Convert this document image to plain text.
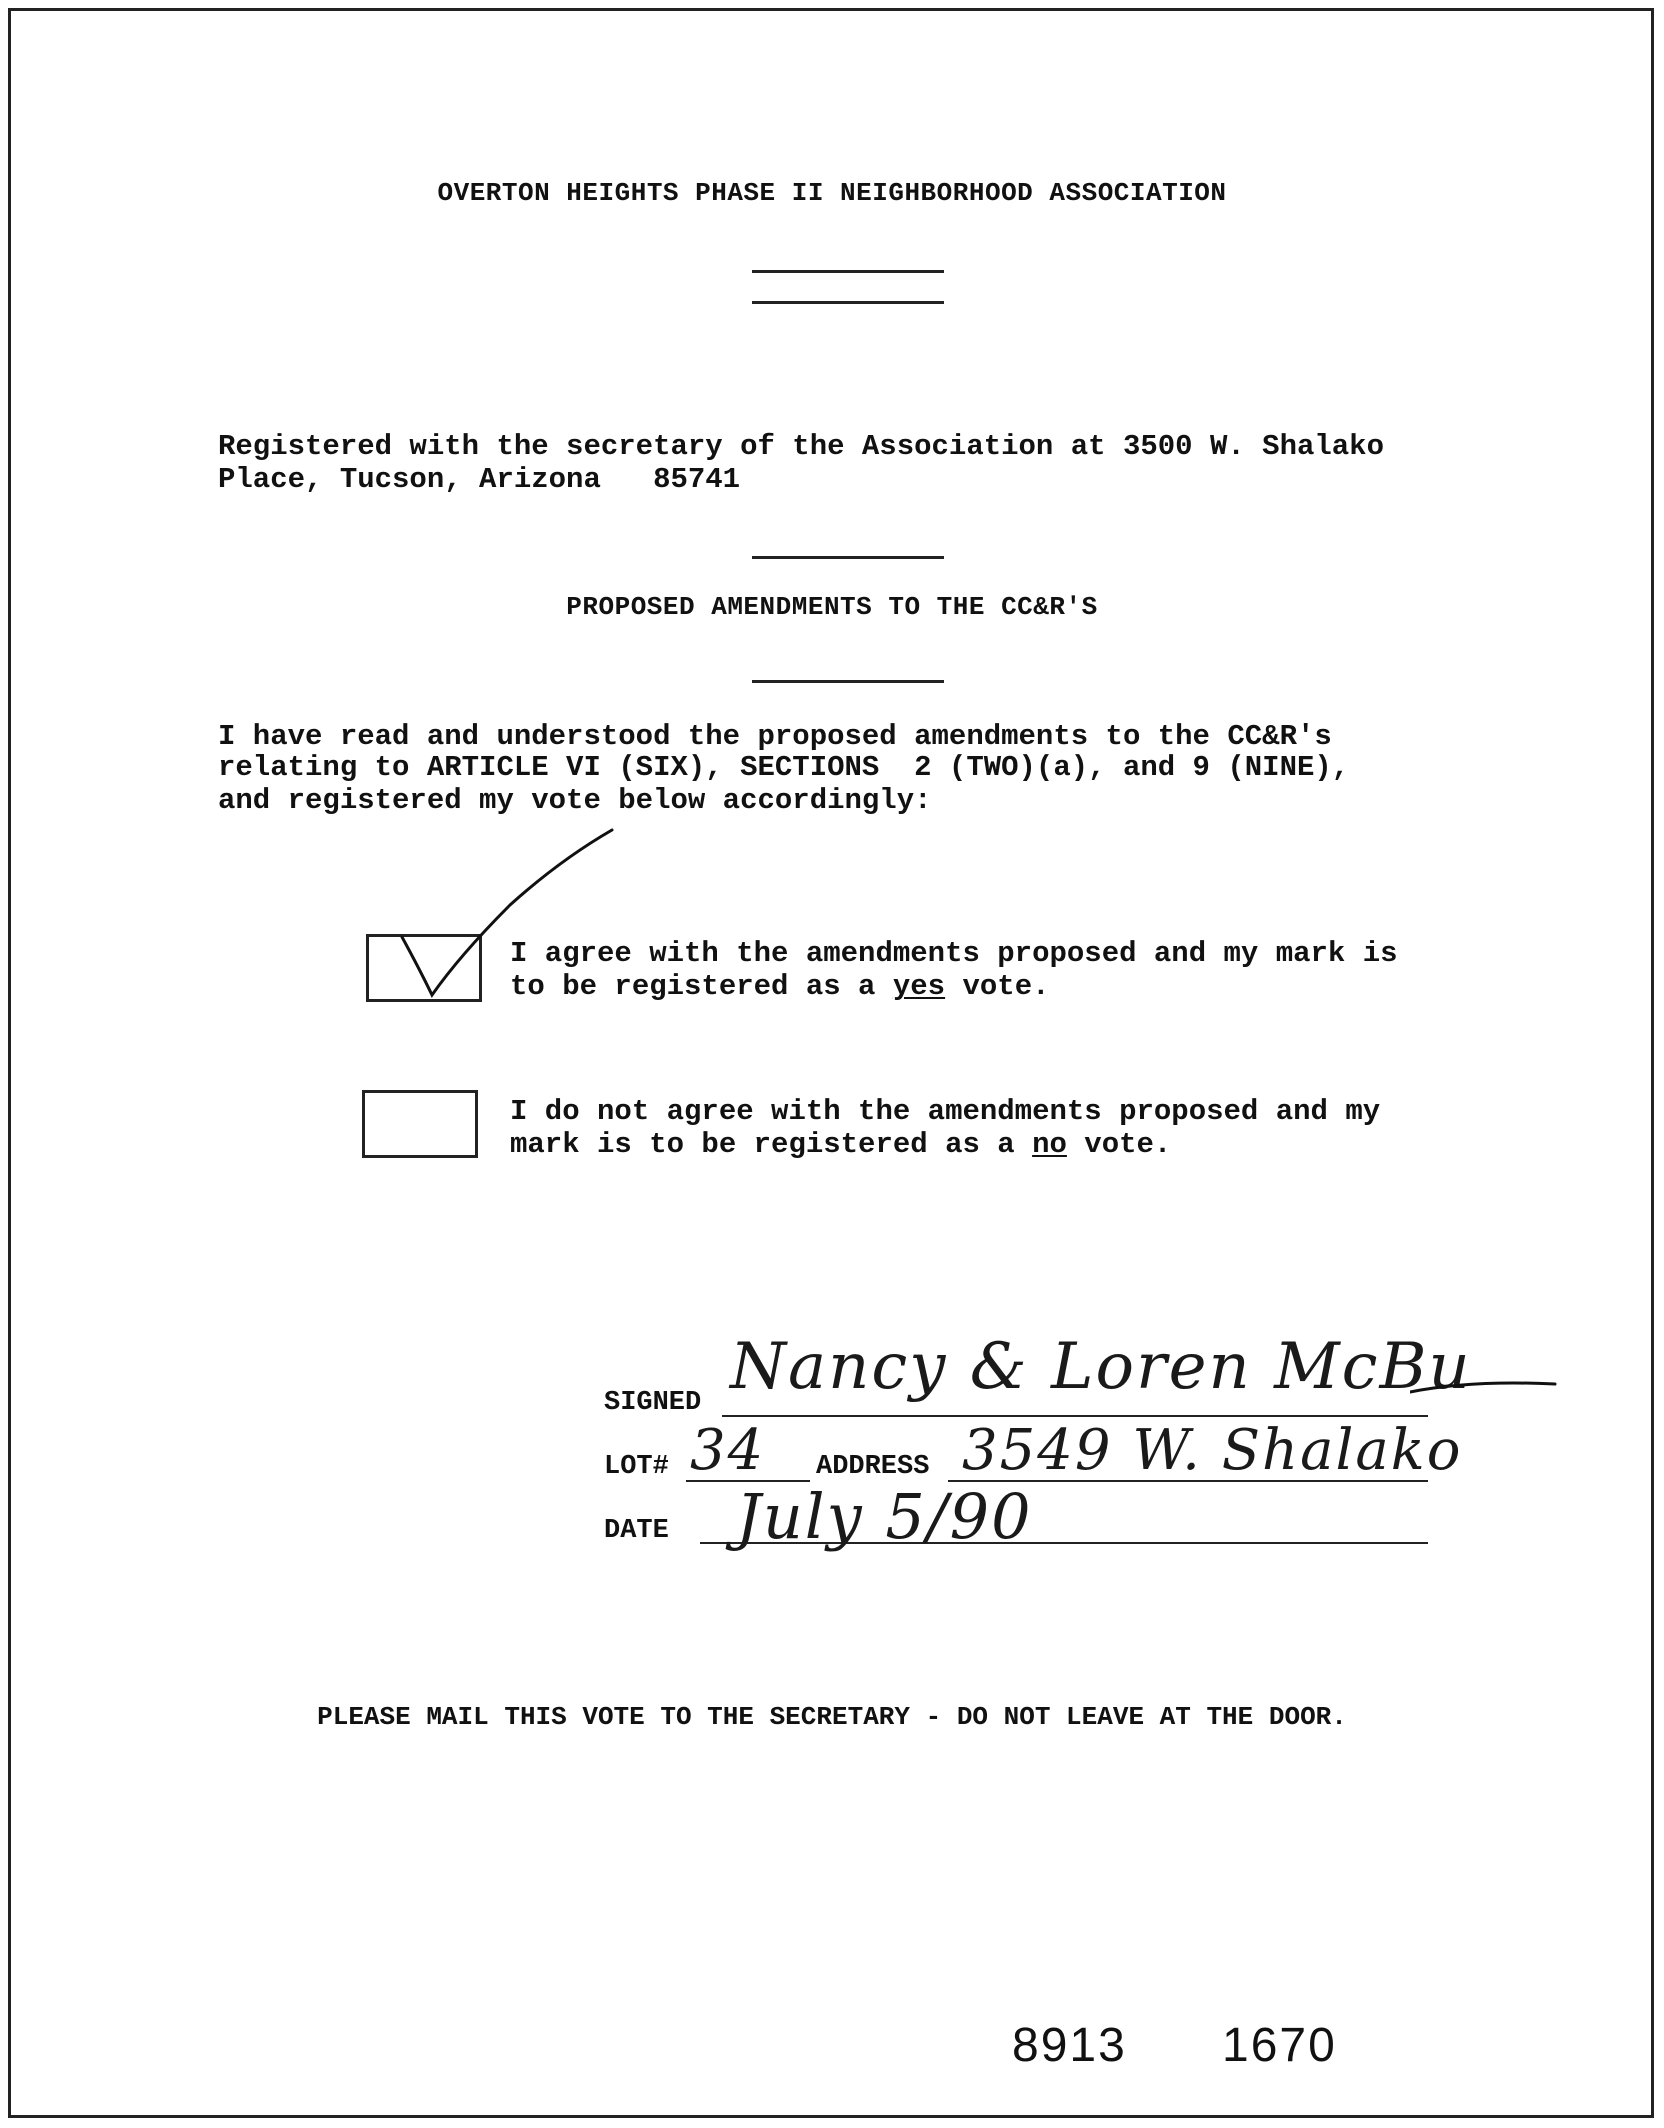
OVERTON HEIGHTS PHASE II NEIGHBORHOOD ASSOCIATION
Registered with the secretary of the Association at 3500 W. Shalako
Place, Tucson, Arizona   85741
PROPOSED AMENDMENTS TO THE CC&R'S
I have read and understood the proposed amendments to the CC&R's
relating to ARTICLE VI (SIX), SECTIONS  2 (TWO)(a), and 9 (NINE),
and registered my vote below accordingly:
I agree with the amendments proposed and my mark is
to be registered as a yes vote.
I do not agree with the amendments proposed and my
mark is to be registered as a no vote.
SIGNED Nancy & Loren McBu
LOT# 34 ADDRESS 3549 W. Shalako
DATE July 5/90
PLEASE MAIL THIS VOTE TO THE SECRETARY - DO NOT LEAVE AT THE DOOR.
8913 1670
